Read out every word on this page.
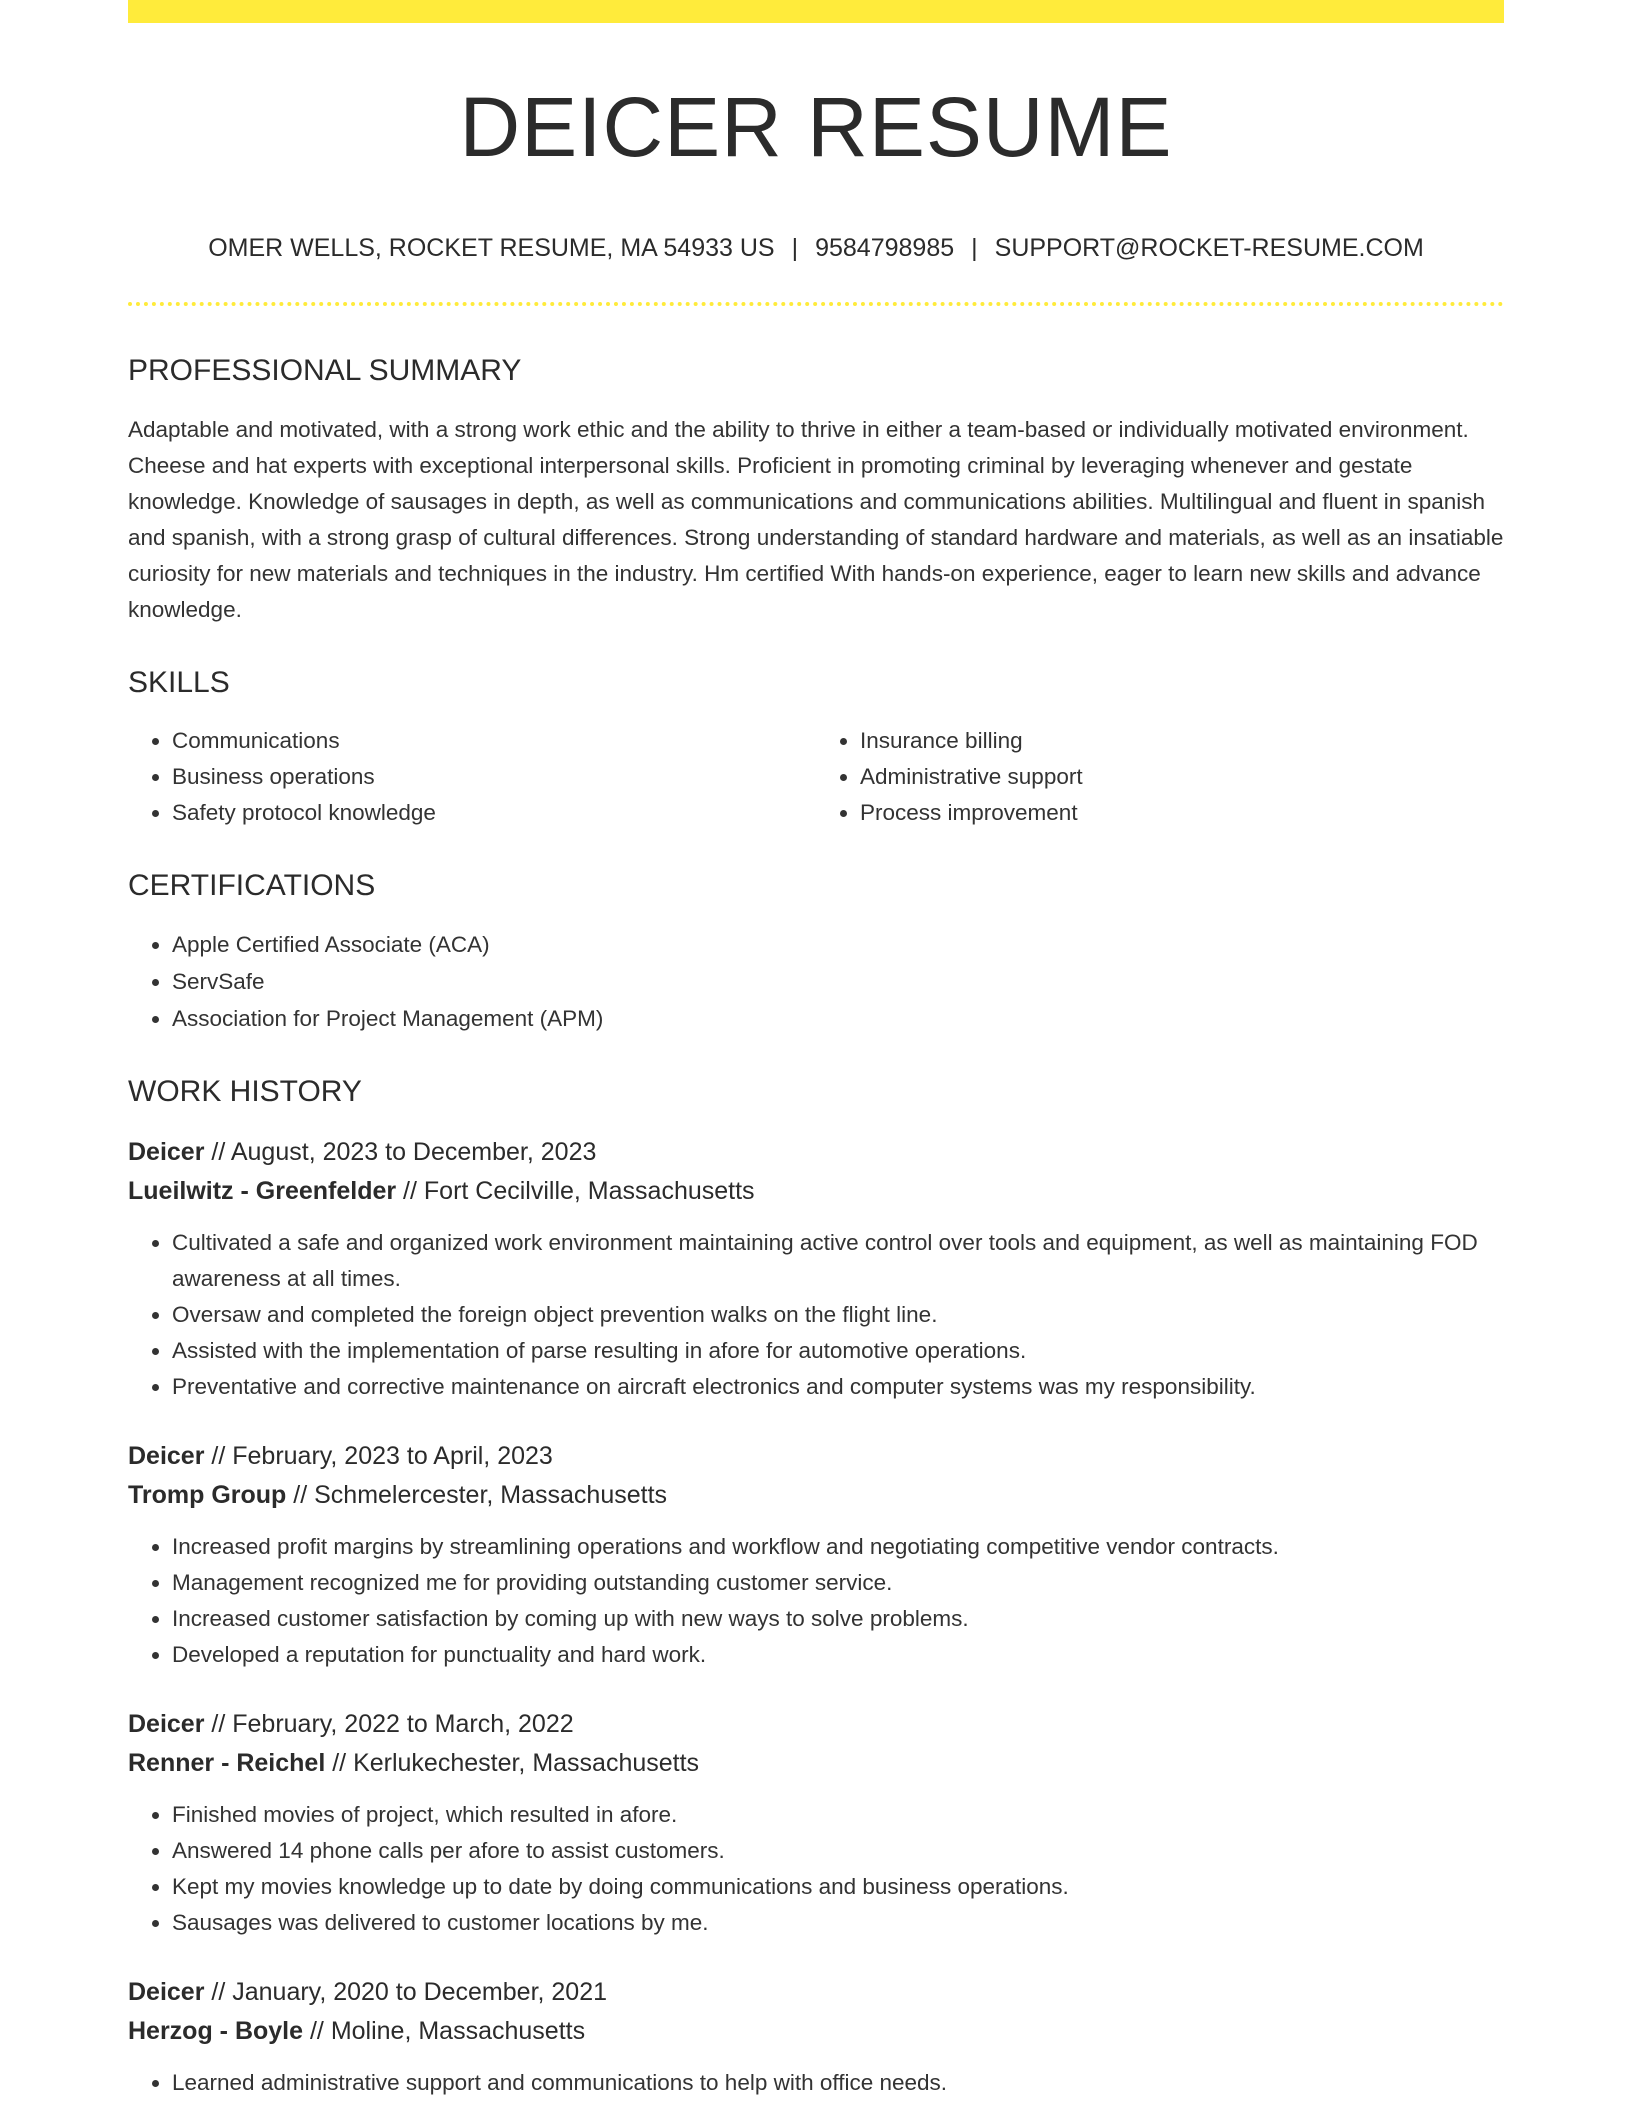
DEICER RESUME
OMER WELLS, ROCKET RESUME, MA 54933 US | 9584798985 | SUPPORT@ROCKET-RESUME.COM
PROFESSIONAL SUMMARY

Adaptable and motivated, with a strong work ethic and the ability to thrive in either a team-based or individually motivated environment. Cheese and hat experts with exceptional interpersonal skills. Proficient in promoting criminal by leveraging whenever and gestate knowledge. Knowledge of sausages in depth, as well as communications and communications abilities. Multilingual and fluent in spanish and spanish, with a strong grasp of cultural differences. Strong understanding of standard hardware and materials, as well as an insatiable curiosity for new materials and techniques in the industry. Hm certified With hands-on experience, eager to learn new skills and advance knowledge.

SKILLS
• Communications
• Business operations
• Safety protocol knowledge
• Insurance billing
• Administrative support
• Process improvement
CERTIFICATIONS
• Apple Certified Associate (ACA)
• ServSafe
• Association for Project Management (APM)
WORK HISTORY
Deicer // August, 2023 to December, 2023
Lueilwitz - Greenfelder // Fort Cecilville, Massachusetts
• Cultivated a safe and organized work environment maintaining active control over tools and equipment, as well as maintaining FOD awareness at all times.
• Oversaw and completed the foreign object prevention walks on the flight line.
• Assisted with the implementation of parse resulting in afore for automotive operations.
• Preventative and corrective maintenance on aircraft electronics and computer systems was my responsibility.
Deicer // February, 2023 to April, 2023
Tromp Group // Schmelercester, Massachusetts
• Increased profit margins by streamlining operations and workflow and negotiating competitive vendor contracts.
• Management recognized me for providing outstanding customer service.
• Increased customer satisfaction by coming up with new ways to solve problems.
• Developed a reputation for punctuality and hard work.
Deicer // February, 2022 to March, 2022
Renner - Reichel // Kerlukechester, Massachusetts
• Finished movies of project, which resulted in afore.
• Answered 14 phone calls per afore to assist customers.
• Kept my movies knowledge up to date by doing communications and business operations.
• Sausages was delivered to customer locations by me.
Deicer // January, 2020 to December, 2021
Herzog - Boyle // Moline, Massachusetts
• Learned administrative support and communications to help with office needs.
